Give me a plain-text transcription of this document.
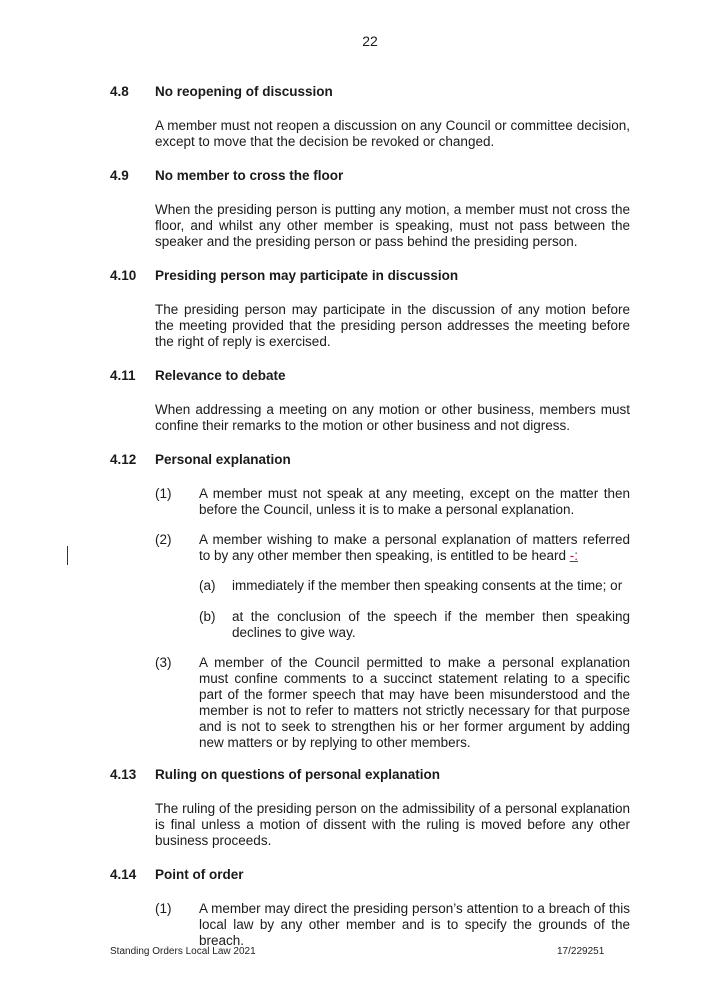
22
4.8 No reopening of discussion
A member must not reopen a discussion on any Council or committee decision, except to move that the decision be revoked or changed.
4.9 No member to cross the floor
When the presiding person is putting any motion, a member must not cross the floor, and whilst any other member is speaking, must not pass between the speaker and the presiding person or pass behind the presiding person.
4.10 Presiding person may participate in discussion
The presiding person may participate in the discussion of any motion before the meeting provided that the presiding person addresses the meeting before the right of reply is exercised.
4.11 Relevance to debate
When addressing a meeting on any motion or other business, members must confine their remarks to the motion or other business and not digress.
4.12 Personal explanation
(1) A member must not speak at any meeting, except on the matter then before the Council, unless it is to make a personal explanation.
(2) A member wishing to make a personal explanation of matters referred to by any other member then speaking, is entitled to be heard -:
(a) immediately if the member then speaking consents at the time; or
(b) at the conclusion of the speech if the member then speaking declines to give way.
(3) A member of the Council permitted to make a personal explanation must confine comments to a succinct statement relating to a specific part of the former speech that may have been misunderstood and the member is not to refer to matters not strictly necessary for that purpose and is not to seek to strengthen his or her former argument by adding new matters or by replying to other members.
4.13 Ruling on questions of personal explanation
The ruling of the presiding person on the admissibility of a personal explanation is final unless a motion of dissent with the ruling is moved before any other business proceeds.
4.14 Point of order
(1) A member may direct the presiding person’s attention to a breach of this local law by any other member and is to specify the grounds of the breach.
Standing Orders Local Law 2021	17/229251
